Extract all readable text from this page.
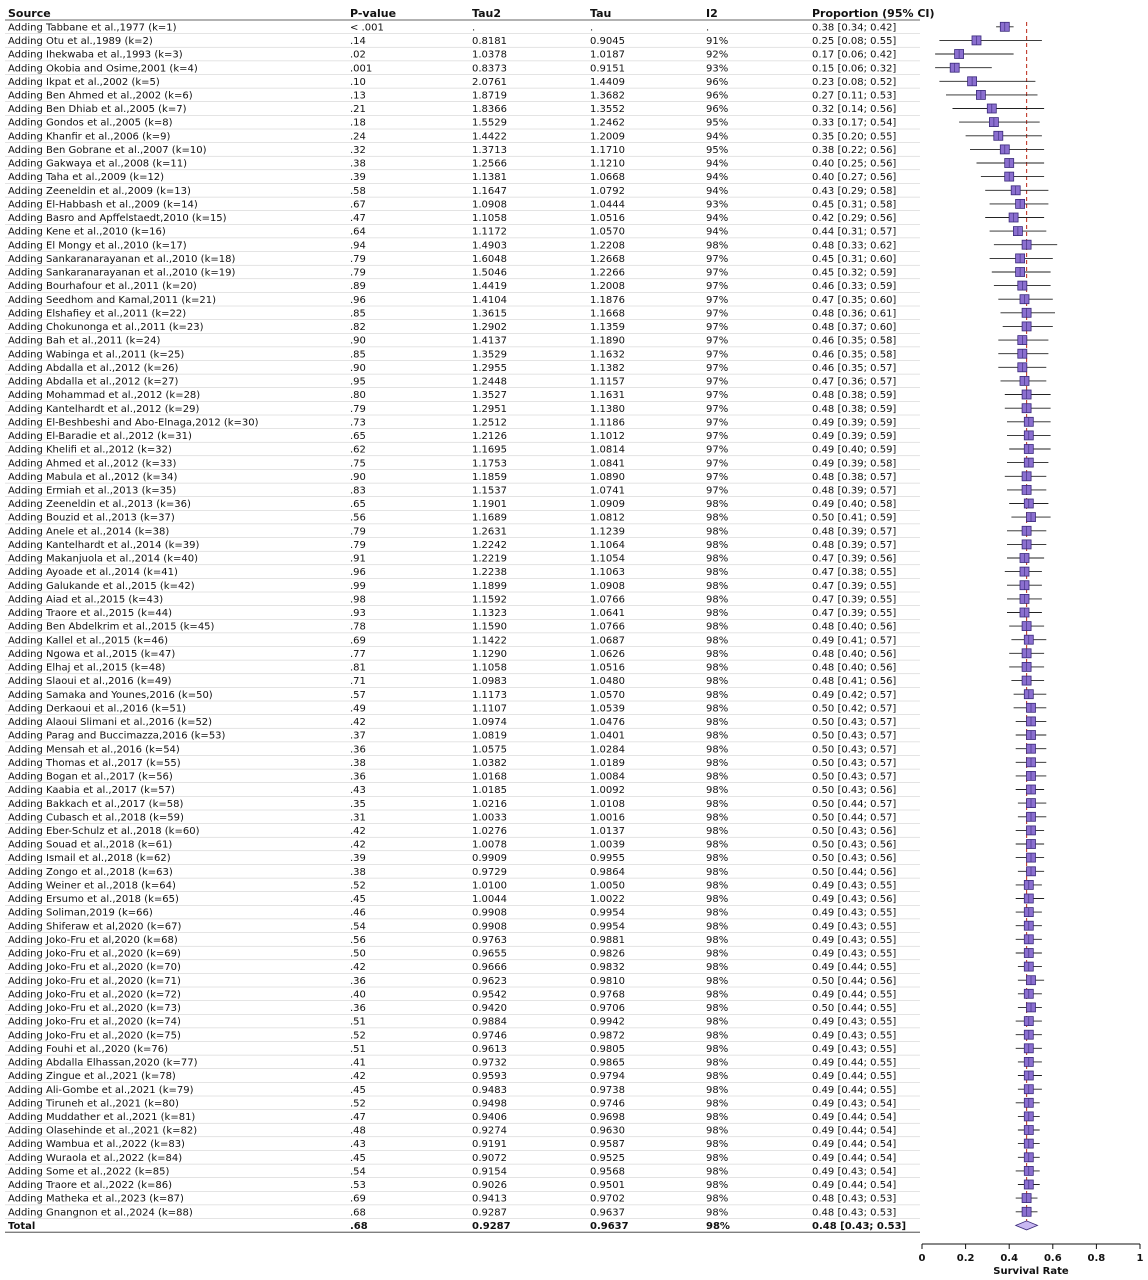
Source	P-value	Tau2	Tau	I2	Proportion (95% CI)
Adding Tabbane et al.,1977 (k=1)	< .001	.	.	.	0.38 [0.34; 0.42]
Adding Otu et al.,1989 (k=2)	.14	0.8181	0.9045	91%	0.25 [0.08; 0.55]
Adding Ihekwaba et al.,1993 (k=3)	.02	1.0378	1.0187	92%	0.17 [0.06; 0.42]
Adding Okobia and Osime,2001 (k=4)	.001	0.8373	0.9151	93%	0.15 [0.06; 0.32]
Adding Ikpat et al.,2002 (k=5)	.10	2.0761	1.4409	96%	0.23 [0.08; 0.52]
Adding Ben Ahmed et al.,2002 (k=6)	.13	1.8719	1.3682	96%	0.27 [0.11; 0.53]
Adding Ben Dhiab et al.,2005 (k=7)	.21	1.8366	1.3552	96%	0.32 [0.14; 0.56]
Adding Gondos et al.,2005 (k=8)	.18	1.5529	1.2462	95%	0.33 [0.17; 0.54]
Adding Khanfir et al.,2006 (k=9)	.24	1.4422	1.2009	94%	0.35 [0.20; 0.55]
Adding Ben Gobrane et al.,2007 (k=10)	.32	1.3713	1.1710	95%	0.38 [0.22; 0.56]
Adding Gakwaya et al.,2008 (k=11)	.38	1.2566	1.1210	94%	0.40 [0.25; 0.56]
Adding Taha et al.,2009 (k=12)	.39	1.1381	1.0668	94%	0.40 [0.27; 0.56]
Adding Zeeneldin et al.,2009 (k=13)	.58	1.1647	1.0792	94%	0.43 [0.29; 0.58]
Adding El-Habbash et al.,2009 (k=14)	.67	1.0908	1.0444	93%	0.45 [0.31; 0.58]
Adding Basro and Apffelstaedt,2010 (k=15)	.47	1.1058	1.0516	94%	0.42 [0.29; 0.56]
Adding Kene et al.,2010 (k=16)	.64	1.1172	1.0570	94%	0.44 [0.31; 0.57]
Adding El Mongy et al.,2010 (k=17)	.94	1.4903	1.2208	98%	0.48 [0.33; 0.62]
Adding Sankaranarayanan et al.,2010 (k=18)	.79	1.6048	1.2668	97%	0.45 [0.31; 0.60]
Adding Sankaranarayanan et al.,2010 (k=19)	.79	1.5046	1.2266	97%	0.45 [0.32; 0.59]
Adding Bourhafour et al.,2011 (k=20)	.89	1.4419	1.2008	97%	0.46 [0.33; 0.59]
Adding Seedhom and Kamal,2011 (k=21)	.96	1.4104	1.1876	97%	0.47 [0.35; 0.60]
Adding Elshafiey et al.,2011 (k=22)	.85	1.3615	1.1668	97%	0.48 [0.36; 0.61]
Adding Chokunonga et al.,2011 (k=23)	.82	1.2902	1.1359	97%	0.48 [0.37; 0.60]
Adding Bah et al.,2011 (k=24)	.90	1.4137	1.1890	97%	0.46 [0.35; 0.58]
Adding Wabinga et al.,2011 (k=25)	.85	1.3529	1.1632	97%	0.46 [0.35; 0.58]
Adding Abdalla et al.,2012 (k=26)	.90	1.2955	1.1382	97%	0.46 [0.35; 0.57]
Adding Abdalla et al.,2012 (k=27)	.95	1.2448	1.1157	97%	0.47 [0.36; 0.57]
Adding Mohammad et al.,2012 (k=28)	.80	1.3527	1.1631	97%	0.48 [0.38; 0.59]
Adding Kantelhardt et al.,2012 (k=29)	.79	1.2951	1.1380	97%	0.48 [0.38; 0.59]
Adding El-Beshbeshi and Abo-Elnaga,2012 (k=30)	.73	1.2512	1.1186	97%	0.49 [0.39; 0.59]
Adding El-Baradie et al.,2012 (k=31)	.65	1.2126	1.1012	97%	0.49 [0.39; 0.59]
Adding Khelifi et al.,2012 (k=32)	.62	1.1695	1.0814	97%	0.49 [0.40; 0.59]
Adding Ahmed et al.,2012 (k=33)	.75	1.1753	1.0841	97%	0.49 [0.39; 0.58]
Adding Mabula et al.,2012 (k=34)	.90	1.1859	1.0890	97%	0.48 [0.38; 0.57]
Adding Ermiah et al.,2013 (k=35)	.83	1.1537	1.0741	97%	0.48 [0.39; 0.57]
Adding Zeeneldin et al.,2013 (k=36)	.65	1.1901	1.0909	98%	0.49 [0.40; 0.58]
Adding Bouzid et al.,2013 (k=37)	.56	1.1689	1.0812	98%	0.50 [0.41; 0.59]
Adding Anele et al.,2014 (k=38)	.79	1.2631	1.1239	98%	0.48 [0.39; 0.57]
Adding Kantelhardt et al.,2014 (k=39)	.79	1.2242	1.1064	98%	0.48 [0.39; 0.57]
Adding Makanjuola et al.,2014 (k=40)	.91	1.2219	1.1054	98%	0.47 [0.39; 0.56]
Adding Ayoade et al.,2014 (k=41)	.96	1.2238	1.1063	98%	0.47 [0.38; 0.55]
Adding Galukande et al.,2015 (k=42)	.99	1.1899	1.0908	98%	0.47 [0.39; 0.55]
Adding Aiad et al.,2015 (k=43)	.98	1.1592	1.0766	98%	0.47 [0.39; 0.55]
Adding Traore et al.,2015 (k=44)	.93	1.1323	1.0641	98%	0.47 [0.39; 0.55]
Adding Ben Abdelkrim et al.,2015 (k=45)	.78	1.1590	1.0766	98%	0.48 [0.40; 0.56]
Adding Kallel et al.,2015 (k=46)	.69	1.1422	1.0687	98%	0.49 [0.41; 0.57]
Adding Ngowa et al.,2015 (k=47)	.77	1.1290	1.0626	98%	0.48 [0.40; 0.56]
Adding Elhaj et al.,2015 (k=48)	.81	1.1058	1.0516	98%	0.48 [0.40; 0.56]
Adding Slaoui et al.,2016 (k=49)	.71	1.0983	1.0480	98%	0.48 [0.41; 0.56]
Adding Samaka and Younes,2016 (k=50)	.57	1.1173	1.0570	98%	0.49 [0.42; 0.57]
Adding Derkaoui et al.,2016 (k=51)	.49	1.1107	1.0539	98%	0.50 [0.42; 0.57]
Adding Alaoui Slimani et al.,2016 (k=52)	.42	1.0974	1.0476	98%	0.50 [0.43; 0.57]
Adding Parag and Buccimazza,2016 (k=53)	.37	1.0819	1.0401	98%	0.50 [0.43; 0.57]
Adding Mensah et al.,2016 (k=54)	.36	1.0575	1.0284	98%	0.50 [0.43; 0.57]
Adding Thomas et al.,2017 (k=55)	.38	1.0382	1.0189	98%	0.50 [0.43; 0.57]
Adding Bogan et al.,2017 (k=56)	.36	1.0168	1.0084	98%	0.50 [0.43; 0.57]
Adding Kaabia et al.,2017 (k=57)	.43	1.0185	1.0092	98%	0.50 [0.43; 0.56]
Adding Bakkach et al.,2017 (k=58)	.35	1.0216	1.0108	98%	0.50 [0.44; 0.57]
Adding Cubasch et al.,2018 (k=59)	.31	1.0033	1.0016	98%	0.50 [0.44; 0.57]
Adding Eber-Schulz et al.,2018 (k=60)	.42	1.0276	1.0137	98%	0.50 [0.43; 0.56]
Adding Souad et al.,2018 (k=61)	.42	1.0078	1.0039	98%	0.50 [0.43; 0.56]
Adding Ismail et al.,2018 (k=62)	.39	0.9909	0.9955	98%	0.50 [0.43; 0.56]
Adding Zongo et al.,2018 (k=63)	.38	0.9729	0.9864	98%	0.50 [0.44; 0.56]
Adding Weiner et al.,2018 (k=64)	.52	1.0100	1.0050	98%	0.49 [0.43; 0.55]
Adding Ersumo et al.,2018 (k=65)	.45	1.0044	1.0022	98%	0.49 [0.43; 0.56]
Adding Soliman,2019 (k=66)	.46	0.9908	0.9954	98%	0.49 [0.43; 0.55]
Adding Shiferaw et al,2020 (k=67)	.54	0.9908	0.9954	98%	0.49 [0.43; 0.55]
Adding Joko-Fru et al,2020 (k=68)	.56	0.9763	0.9881	98%	0.49 [0.43; 0.55]
Adding Joko-Fru et al.,2020 (k=69)	.50	0.9655	0.9826	98%	0.49 [0.43; 0.55]
Adding Joko-Fru et al.,2020 (k=70)	.42	0.9666	0.9832	98%	0.49 [0.44; 0.55]
Adding Joko-Fru et al.,2020 (k=71)	.36	0.9623	0.9810	98%	0.50 [0.44; 0.56]
Adding Joko-Fru et al.,2020 (k=72)	.40	0.9542	0.9768	98%	0.49 [0.44; 0.55]
Adding Joko-Fru et al.,2020 (k=73)	.36	0.9420	0.9706	98%	0.50 [0.44; 0.55]
Adding Joko-Fru et al.,2020 (k=74)	.51	0.9884	0.9942	98%	0.49 [0.43; 0.55]
Adding Joko-Fru et al.,2020 (k=75)	.52	0.9746	0.9872	98%	0.49 [0.43; 0.55]
Adding Fouhi et al.,2020 (k=76)	.51	0.9613	0.9805	98%	0.49 [0.43; 0.55]
Adding Abdalla Elhassan,2020 (k=77)	.41	0.9732	0.9865	98%	0.49 [0.44; 0.55]
Adding Zingue et al.,2021 (k=78)	.42	0.9593	0.9794	98%	0.49 [0.44; 0.55]
Adding Ali-Gombe et al.,2021 (k=79)	.45	0.9483	0.9738	98%	0.49 [0.44; 0.55]
Adding Tiruneh et al.,2021 (k=80)	.52	0.9498	0.9746	98%	0.49 [0.43; 0.54]
Adding Muddather et al.,2021 (k=81)	.47	0.9406	0.9698	98%	0.49 [0.44; 0.54]
Adding Olasehinde et al.,2021 (k=82)	.48	0.9274	0.9630	98%	0.49 [0.44; 0.54]
Adding Wambua et al.,2022 (k=83)	.43	0.9191	0.9587	98%	0.49 [0.44; 0.54]
Adding Wuraola et al.,2022 (k=84)	.45	0.9072	0.9525	98%	0.49 [0.44; 0.54]
Adding Some et al.,2022 (k=85)	.54	0.9154	0.9568	98%	0.49 [0.43; 0.54]
Adding Traore et al.,2022 (k=86)	.53	0.9026	0.9501	98%	0.49 [0.44; 0.54]
Adding Matheka et al.,2023 (k=87)	.69	0.9413	0.9702	98%	0.48 [0.43; 0.53]
Adding Gnangnon et al.,2024 (k=88)	.68	0.9287	0.9637	98%	0.48 [0.43; 0.53]
Total	.68	0.9287	0.9637	98%	0.48 [0.43; 0.53]
0	0.2	0.4	0.6	0.8	1
Survival Rate
